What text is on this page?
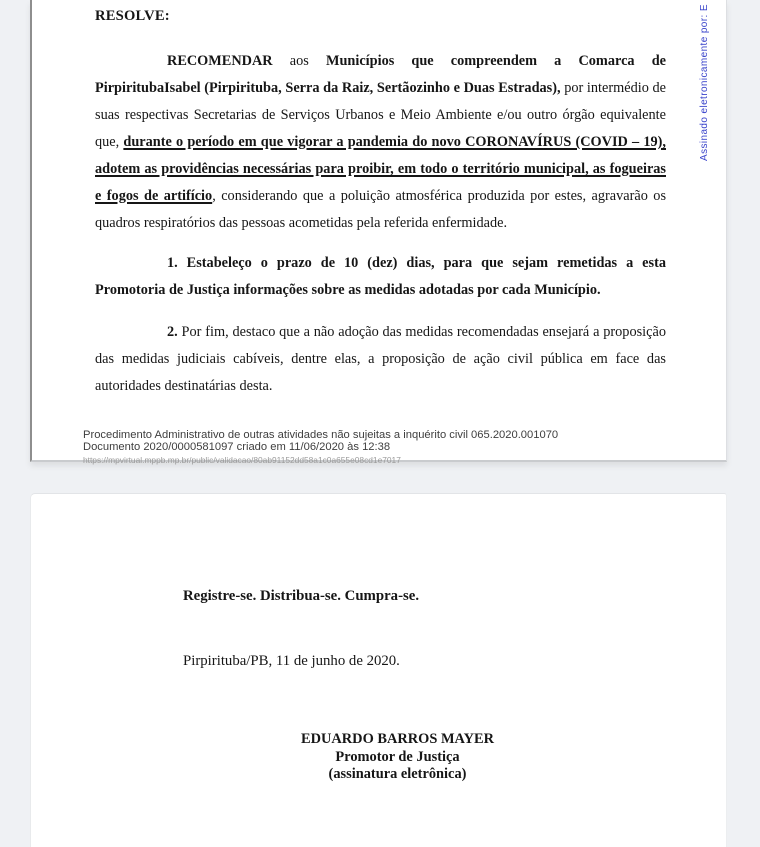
RESOLVE:

RECOMENDAR aos Municípios que compreendem a Comarca de PirpiritubaIsabel (Pirpirituba, Serra da Raiz, Sertãozinho e Duas Estradas), por intermédio de suas respectivas Secretarias de Serviços Urbanos e Meio Ambiente e/ou outro órgão equivalente que, durante o período em que vigorar a pandemia do novo CORONAVÍRUS (COVID – 19), adotem as providências necessárias para proibir, em todo o território municipal, as fogueiras e fogos de artifício, considerando que a poluição atmosférica produzida por estes, agravarão os quadros respiratórios das pessoas acometidas pela referida enfermidade.

1. Estabeleço o prazo de 10 (dez) dias, para que sejam remetidas a esta Promotoria de Justiça informações sobre as medidas adotadas por cada Município.

2. Por fim, destaco que a não adoção das medidas recomendadas ensejará a proposição das medidas judiciais cabíveis, dentre elas, a proposição de ação civil pública em face das autoridades destinatárias desta.

Procedimento Administrativo de outras atividades não sujeitas a inquérito civil 065.2020.001070
Documento 2020/0000581097 criado em 11/06/2020 às 12:38
https://mpvirtual.mppb.mp.br/public/validacao/80ab91152dd58a1c0a655e08cd1e7017

Registre-se. Distribua-se. Cumpra-se.

Pirpirituba/PB, 11 de junho de 2020.

EDUARDO BARROS MAYER
Promotor de Justiça
(assinatura eletrônica)
Assinado eletronicamente por: E
